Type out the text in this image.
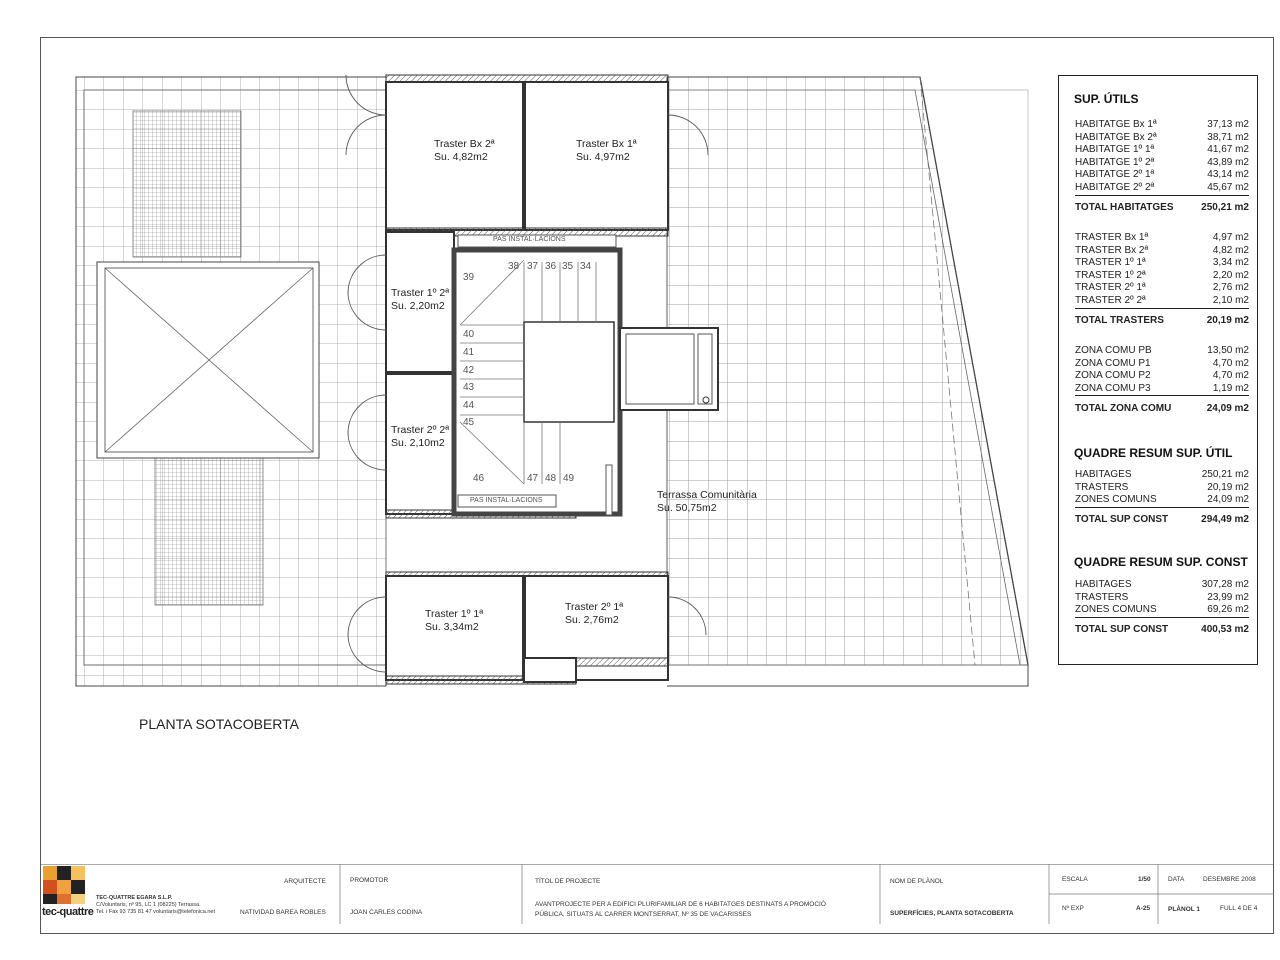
Traster Bx 2ª
Su. 4,82m2
Traster Bx 1ª
Su. 4,97m2
Traster 1º 2ª
Su. 2,20m2
Traster 2º 2ª
Su. 2,10m2
Traster 1º 1ª
Su. 3,34m2
Traster 2º 1ª
Su. 2,76m2
Terrassa Comunitària
Su. 50,75m2
PAS INSTAL·LACIONS
PAS INSTAL·LACIONS
38 37 36 35 34
39
40
41
42
43
44
45
46	47 48 49
PLANTA SOTACOBERTA
SUP. ÚTILS
HABITATGE Bx 1ª	37,13 m2
HABITATGE Bx 2ª	38,71 m2
HABITATGE 1º 1ª	41,67 m2
HABITATGE 1º 2ª	43,89 m2
HABITATGE 2º 1ª	43,14 m2
HABITATGE 2º 2ª	45,67 m2
TOTAL HABITATGES	250,21 m2
TRASTER Bx 1ª	4,97 m2
TRASTER Bx 2ª	4,82 m2
TRASTER 1º 1ª	3,34 m2
TRASTER 1º 2ª	2,20 m2
TRASTER 2º 1ª	2,76 m2
TRASTER 2º 2ª	2,10 m2
TOTAL TRASTERS	20,19 m2
ZONA COMU PB	13,50 m2
ZONA COMU P1	4,70 m2
ZONA COMU P2	4,70 m2
ZONA COMU P3	1,19 m2
TOTAL ZONA COMU	24,09 m2
QUADRE RESUM SUP. ÚTIL
HABITAGES	250,21 m2
TRASTERS	20,19 m2
ZONES COMUNS	24,09 m2
TOTAL SUP CONST	294,49 m2
QUADRE RESUM SUP. CONST
HABITAGES	307,28 m2
TRASTERS	23,99 m2
ZONES COMUNS	69,26 m2
TOTAL SUP CONST	400,53 m2
tec-quattre
TEC-QUATTRE EGARA S.L.P.
C/Voluntaris, nº 95, LC 1 (08225) Terrassa.
Tel. i Fax 93 735 81 47 voluntaris@telefonica.net
ARQUITECTE
NATIVIDAD BAREA ROBLES
PROMOTOR
JOAN CARLES CODINA
TÍTOL DE PROJECTE
AVANTPROJECTE PER A EDIFICI PLURIFAMILIAR DE 6 HABITATGES DESTINATS A PROMOCIÓ
PÚBLICA, SITUATS AL CARRER MONTSERRAT, Nº 35 DE VACARISSES
NOM DE PLÀNOL
SUPERFÍCIES, PLANTA SOTACOBERTA
ESCALA	1/50	DATA	DESEMBRE 2008
Nº EXP	A-25	PLÀNOL 1	FULL 4 DE 4
